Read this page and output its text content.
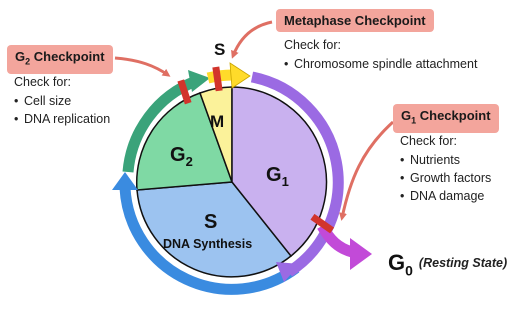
$G_2$
M
$G_1$
S
DNA Synthesis
S
$G_2$ Checkpoint
Check for:
• Cell size
• DNA replication
Metaphase Checkpoint
Check for:
• Chromosome spindle attachment
$G_1$ Checkpoint
Check for:
• Nutrients
• Growth factors
• DNA damage
$G_0$ (Resting State)
